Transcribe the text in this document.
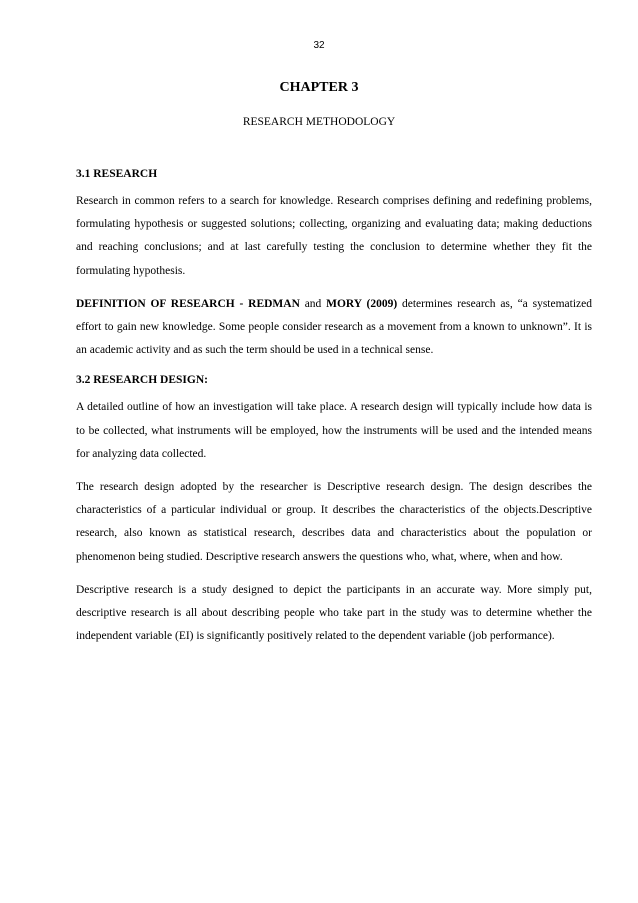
32
CHAPTER 3
RESEARCH METHODOLOGY
3.1 RESEARCH

Research in common refers to a search for knowledge. Research comprises defining and redefining problems, formulating hypothesis or suggested solutions; collecting, organizing and evaluating data; making deductions and reaching conclusions; and at last carefully testing the conclusion to determine whether they fit the formulating hypothesis.

DEFINITION OF RESEARCH - REDMAN and MORY (2009) determines research as, “a systematized effort to gain new knowledge. Some people consider research as a movement from a known to unknown”. It is an academic activity and as such the term should be used in a technical sense.

3.2 RESEARCH DESIGN:

A detailed outline of how an investigation will take place. A research design will typically include how data is to be collected, what instruments will be employed, how the instruments will be used and the intended means for analyzing data collected.

The research design adopted by the researcher is Descriptive research design. The design describes the characteristics of a particular individual or group. It describes the characteristics of the objects.Descriptive research, also known as statistical research, describes data and characteristics about the population or phenomenon being studied. Descriptive research answers the questions who, what, where, when and how.

Descriptive research is a study designed to depict the participants in an accurate way. More simply put, descriptive research is all about describing people who take part in the study was to determine whether the independent variable (EI) is significantly positively related to the dependent variable (job performance).
